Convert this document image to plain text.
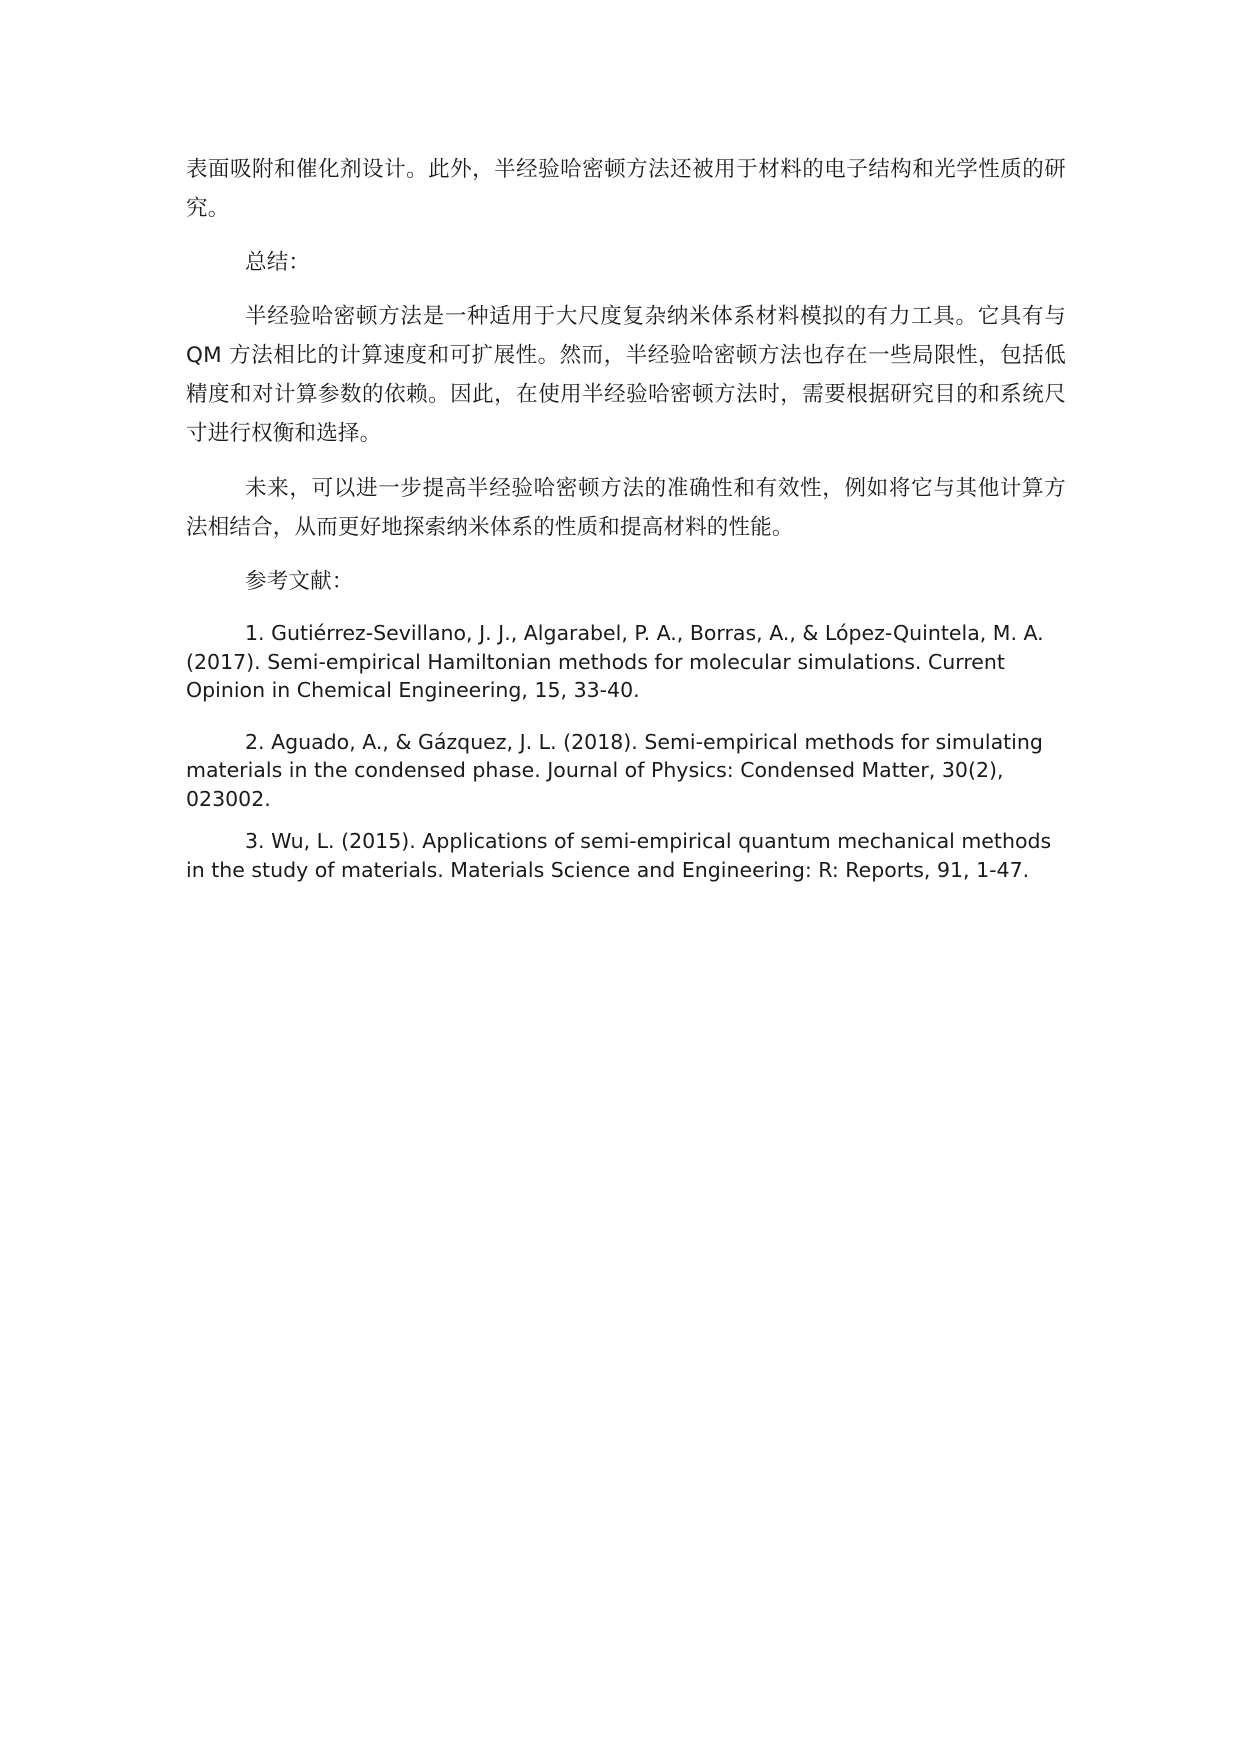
表面吸附和催化剂设计。此外，半经验哈密顿方法还被用于材料的电子结构和光学性质的研究。

总结：

半经验哈密顿方法是一种适用于大尺度复杂纳米体系材料模拟的有力工具。它具有与 QM 方法相比的计算速度和可扩展性。然而，半经验哈密顿方法也存在一些局限性，包括低精度和对计算参数的依赖。因此，在使用半经验哈密顿方法时，需要根据研究目的和系统尺寸进行权衡和选择。

未来，可以进一步提高半经验哈密顿方法的准确性和有效性，例如将它与其他计算方法相结合，从而更好地探索纳米体系的性质和提高材料的性能。

参考文献：

1. Gutiérrez-Sevillano, J. J., Algarabel, P. A., Borras, A., & López-Quintela, M. A. (2017). Semi-empirical Hamiltonian methods for molecular simulations. Current Opinion in Chemical Engineering, 15, 33-40.

2. Aguado, A., & Gázquez, J. L. (2018). Semi-empirical methods for simulating materials in the condensed phase. Journal of Physics: Condensed Matter, 30(2), 023002.

3. Wu, L. (2015). Applications of semi-empirical quantum mechanical methods in the study of materials. Materials Science and Engineering: R: Reports, 91, 1-47.
